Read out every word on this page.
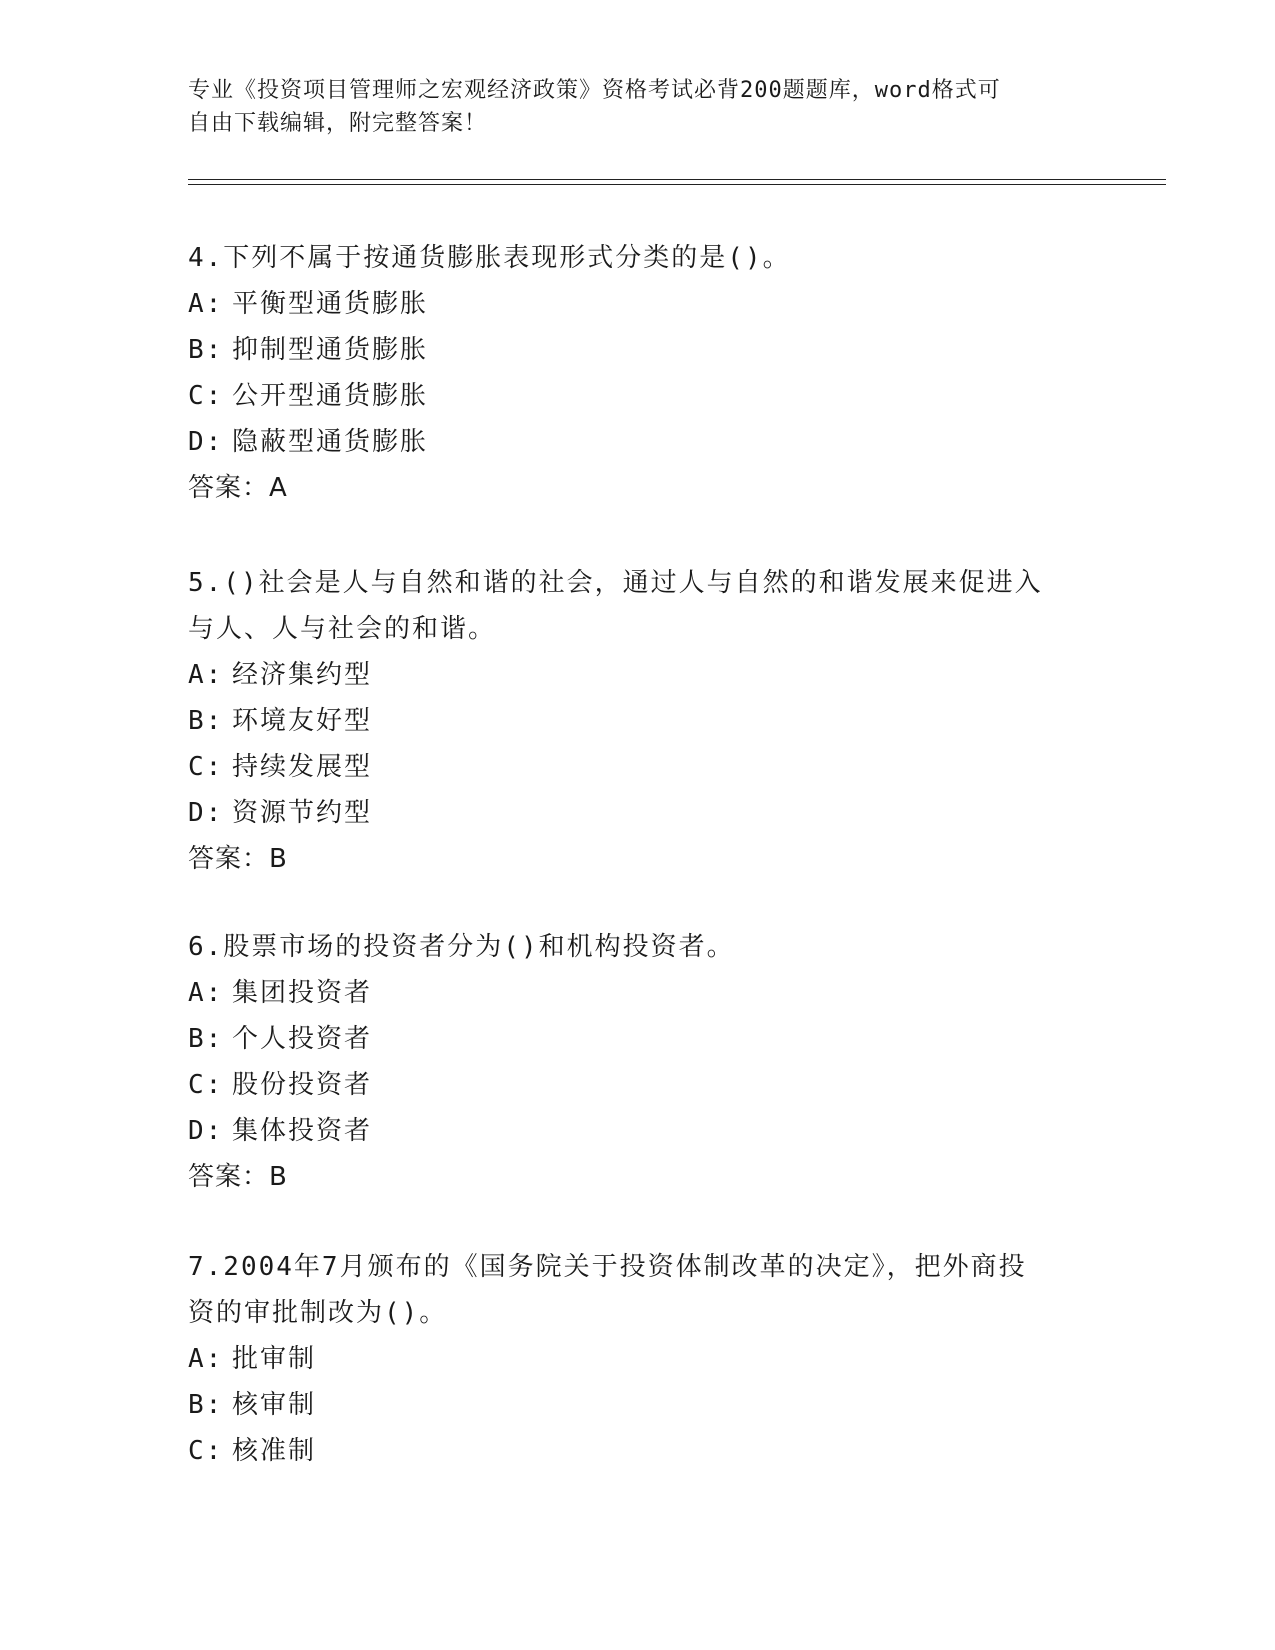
专业《投资项目管理师之宏观经济政策》资格考试必背200题题库，word格式可
自由下载编辑，附完整答案！
4.下列不属于按通货膨胀表现形式分类的是()。
A: 平衡型通货膨胀
B: 抑制型通货膨胀
C: 公开型通货膨胀
D: 隐蔽型通货膨胀
答案：A
5.()社会是人与自然和谐的社会，通过人与自然的和谐发展来促进入
与人、人与社会的和谐。
A: 经济集约型
B: 环境友好型
C: 持续发展型
D: 资源节约型
答案：B
6.股票市场的投资者分为()和机构投资者。
A: 集团投资者
B: 个人投资者
C: 股份投资者
D: 集体投资者
答案：B
7.2004年7月颁布的《国务院关于投资体制改革的决定》，把外商投
资的审批制改为()。
A: 批审制
B: 核审制
C: 核准制
